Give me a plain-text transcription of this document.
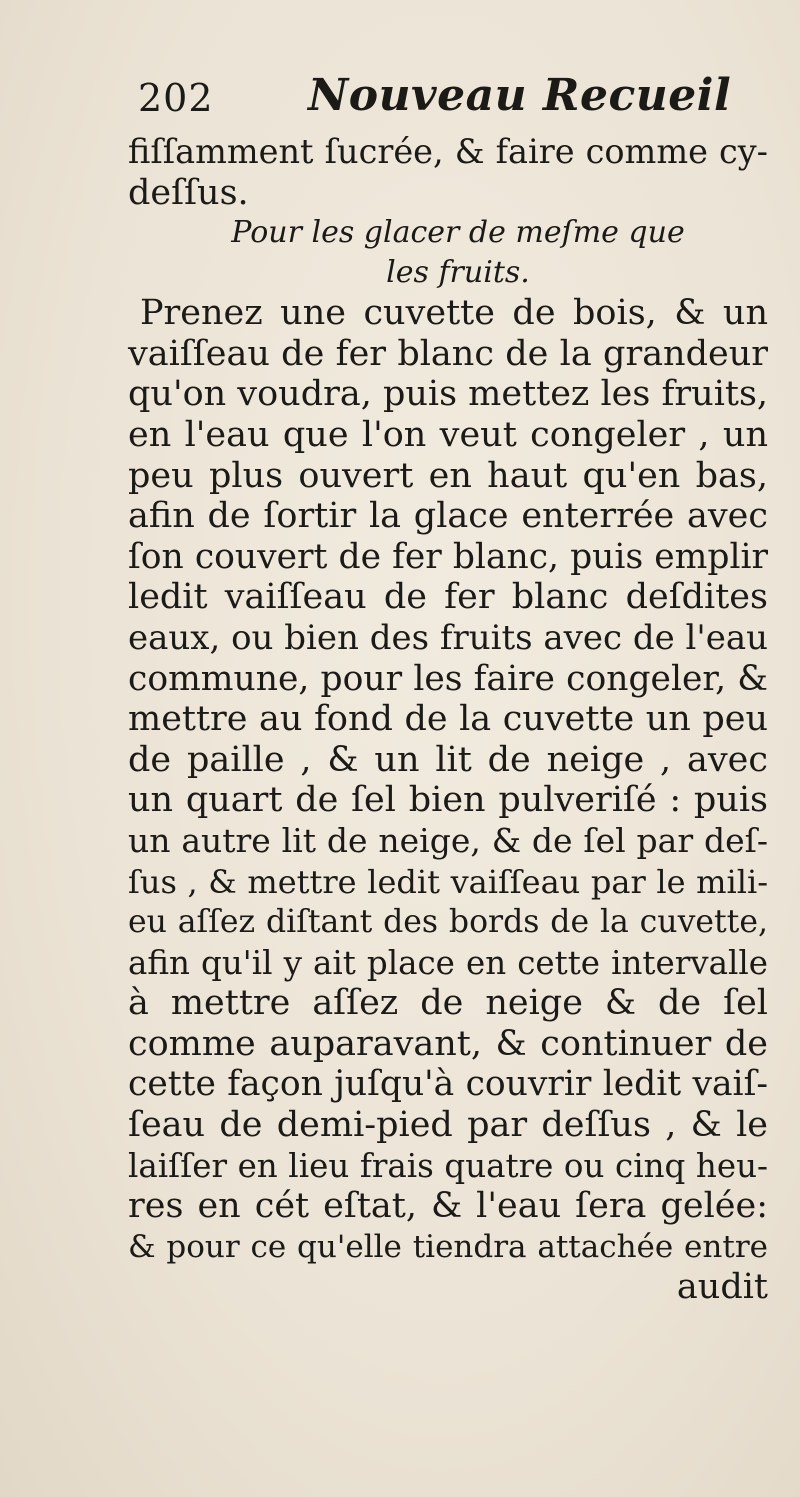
202 Nouveau Recueil
fiſſamment ſucrée, & faire comme cy-
deſſus.
Pour les glacer de meſme que
les fruits.
Prenez une cuvette de bois, & un
vaiſſeau de fer blanc de la grandeur
qu'on voudra, puis mettez les fruits,
en l'eau que l'on veut congeler , un
peu plus ouvert en haut qu'en bas,
afin de ſortir la glace enterrée avec
ſon couvert de fer blanc, puis emplir
ledit vaiſſeau de fer blanc deſdites
eaux, ou bien des fruits avec de l'eau
commune, pour les faire congeler, &
mettre au fond de la cuvette un peu
de paille , & un lit de neige , avec
un quart de ſel bien pulveriſé : puis
un autre lit de neige, & de ſel par deſ-
ſus , & mettre ledit vaiſſeau par le mili-
eu aſſez diſtant des bords de la cuvette,
afin qu'il y ait place en cette intervalle
à mettre aſſez de neige & de ſel
comme auparavant, & continuer de
cette façon juſqu'à couvrir ledit vaiſ-
ſeau de demi-pied par deſſus , & le
laiſſer en lieu frais quatre ou cinq heu-
res en cét eſtat, & l'eau ſera gelée:
& pour ce qu'elle tiendra attachée entre
audit
